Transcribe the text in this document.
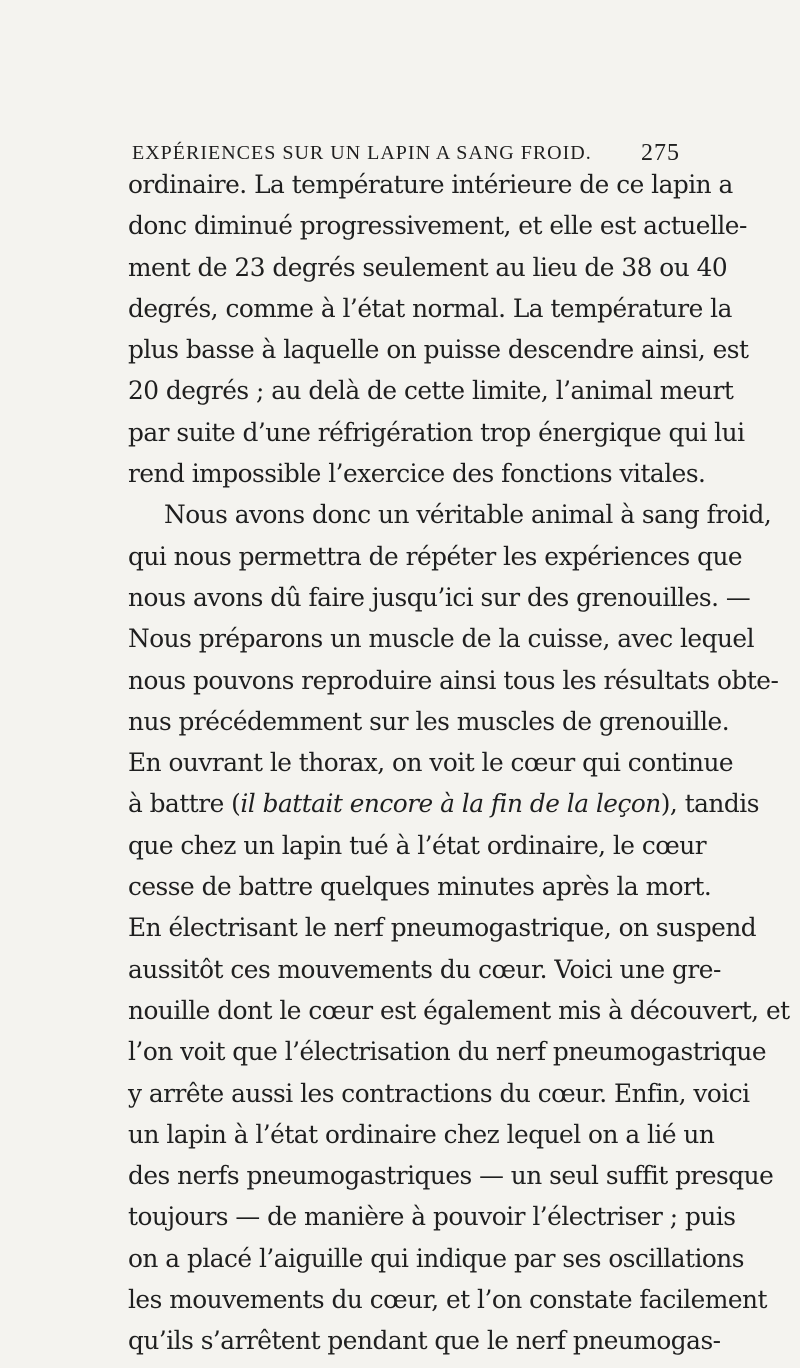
EXPÉRIENCES SUR UN LAPIN A SANG FROID. 275
ordinaire. La température intérieure de ce lapin a
donc diminué progressivement, et elle est actuelle-
ment de 23 degrés seulement au lieu de 38 ou 40
degrés, comme à l’état normal. La température la
plus basse à laquelle on puisse descendre ainsi, est
20 degrés ; au delà de cette limite, l’animal meurt
par suite d’une réfrigération trop énergique qui lui
rend impossible l’exercice des fonctions vitales.
Nous avons donc un véritable animal à sang froid,
qui nous permettra de répéter les expériences que
nous avons dû faire jusqu’ici sur des grenouilles. —
Nous préparons un muscle de la cuisse, avec lequel
nous pouvons reproduire ainsi tous les résultats obte-
nus précédemment sur les muscles de grenouille.
En ouvrant le thorax, on voit le cœur qui continue
à battre (il battait encore à la fin de la leçon), tandis
que chez un lapin tué à l’état ordinaire, le cœur
cesse de battre quelques minutes après la mort.
En électrisant le nerf pneumogastrique, on suspend
aussitôt ces mouvements du cœur. Voici une gre-
nouille dont le cœur est également mis à découvert, et
l’on voit que l’électrisation du nerf pneumogastrique
y arrête aussi les contractions du cœur. Enfin, voici
un lapin à l’état ordinaire chez lequel on a lié un
des nerfs pneumogastriques — un seul suffit presque
toujours — de manière à pouvoir l’électriser ; puis
on a placé l’aiguille qui indique par ses oscillations
les mouvements du cœur, et l’on constate facilement
qu’ils s’arrêtent pendant que le nerf pneumogas-
